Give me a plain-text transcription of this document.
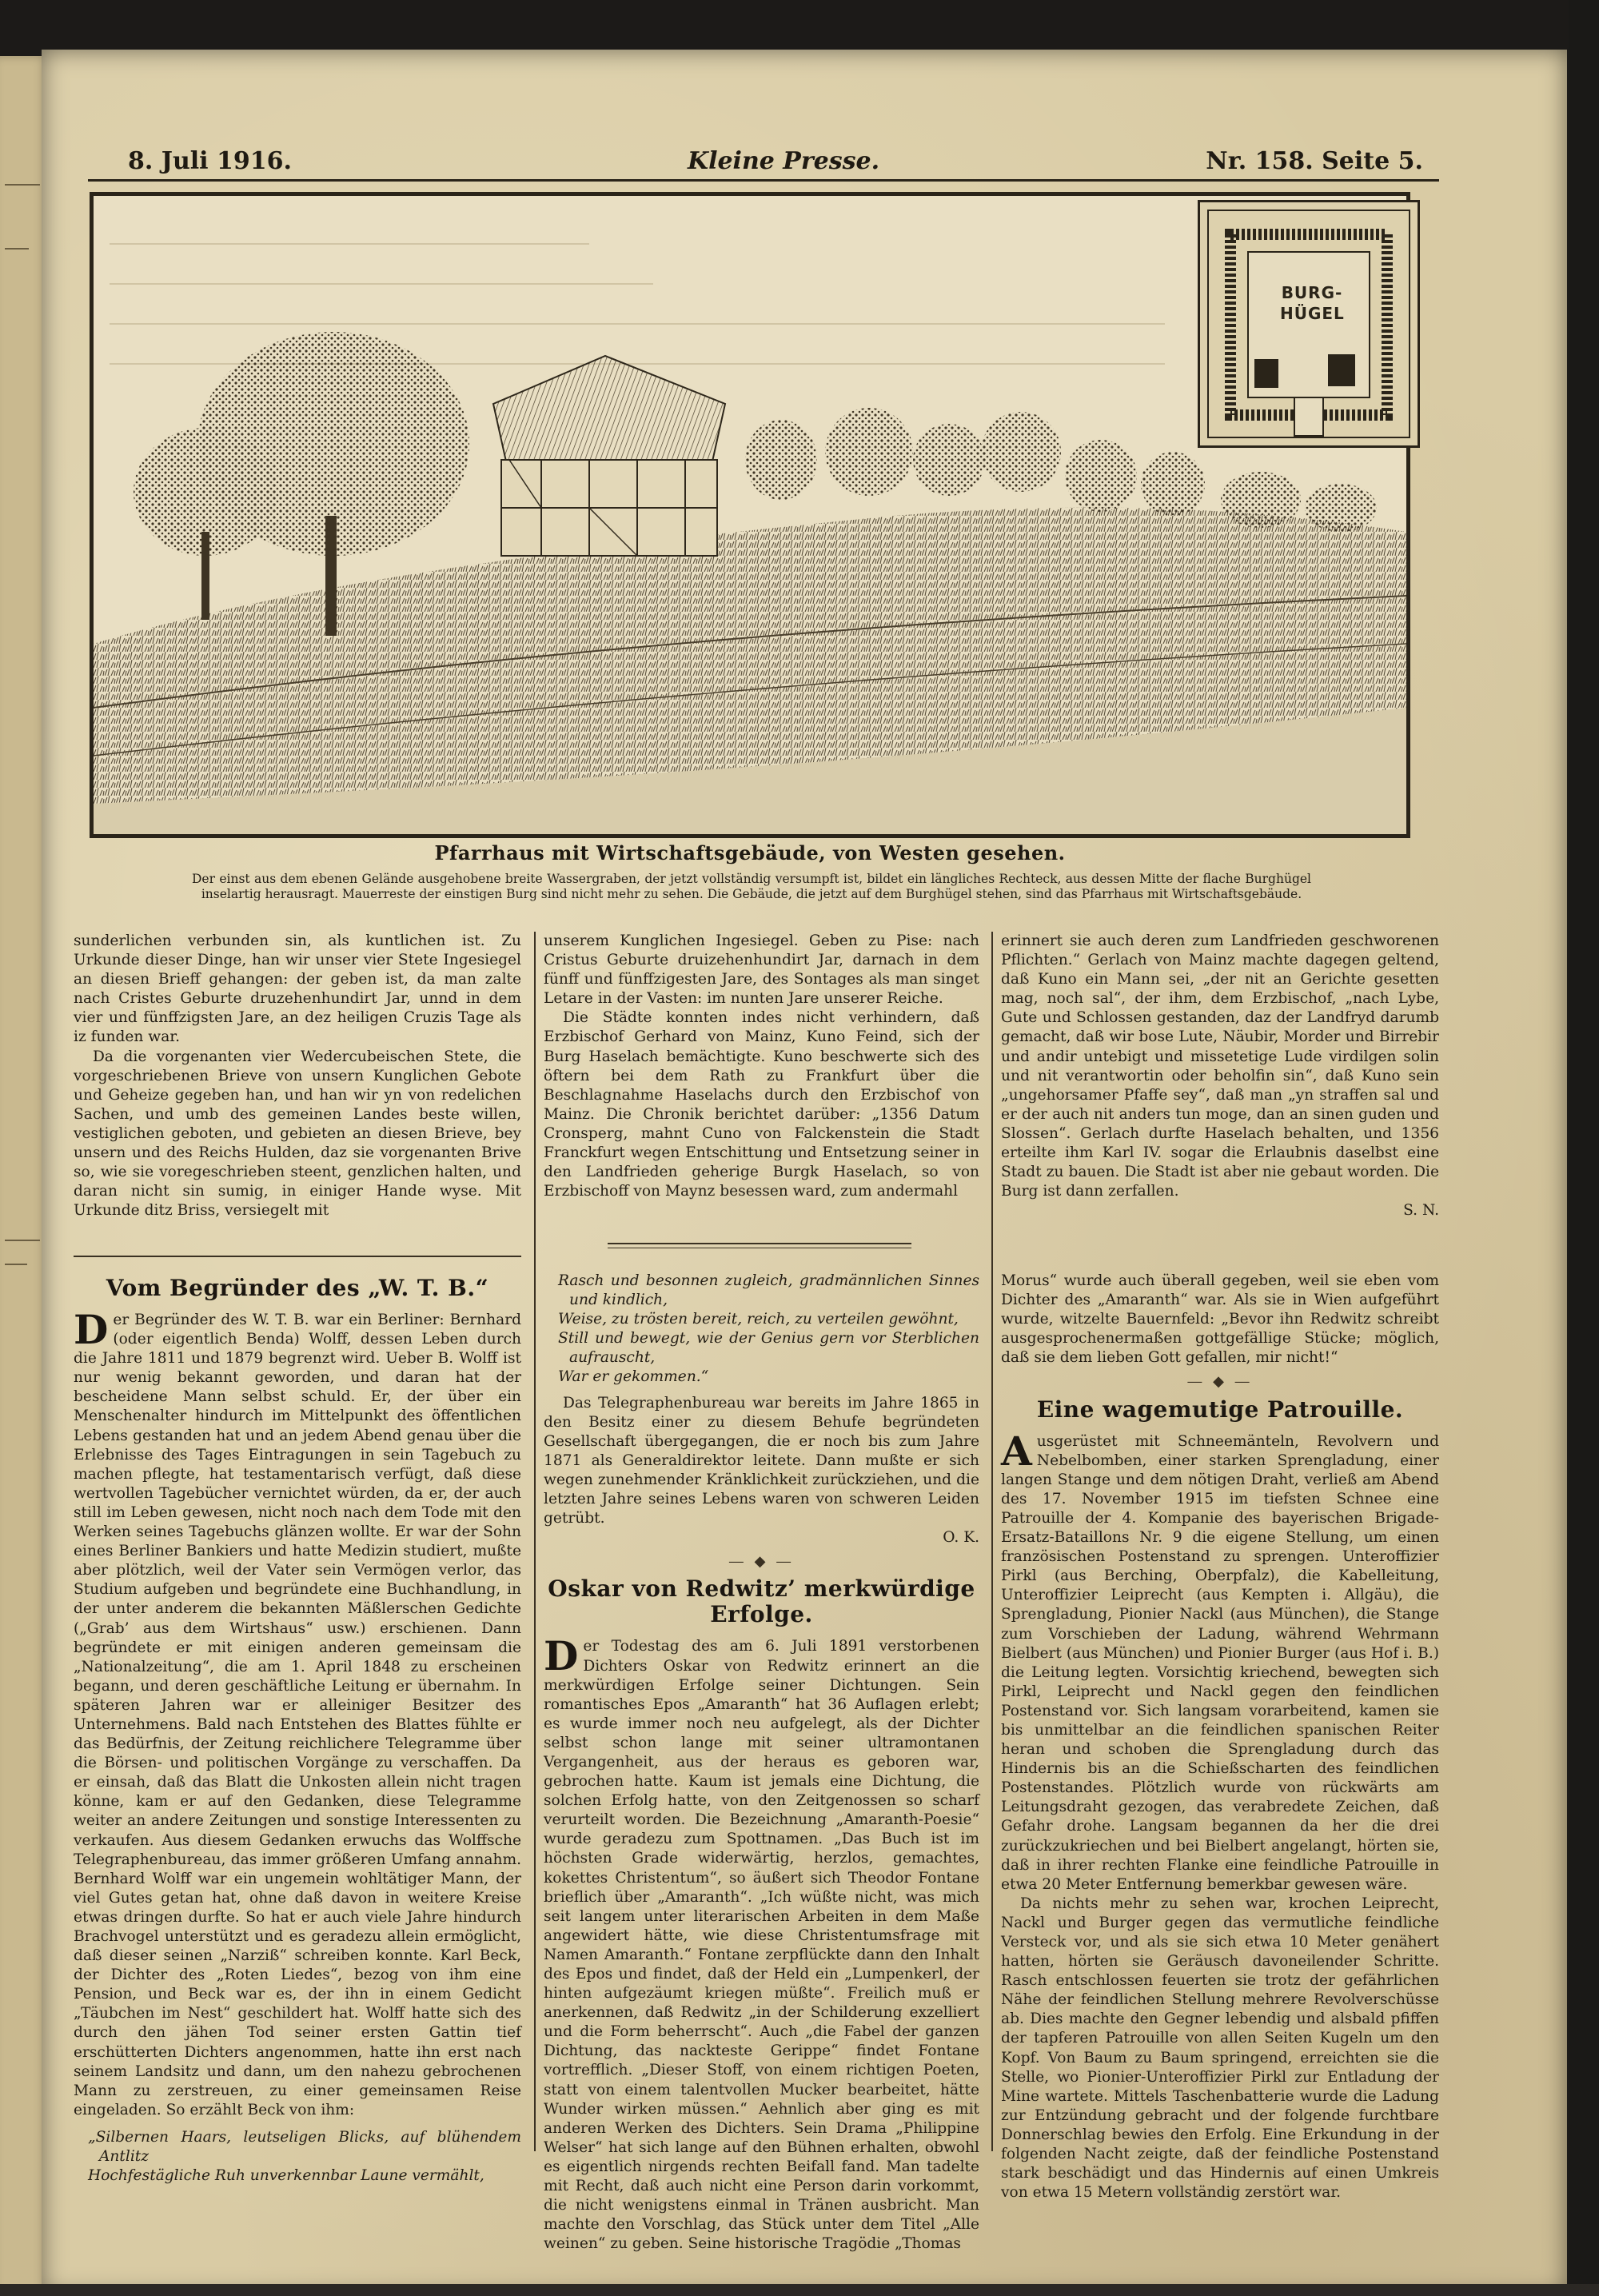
8. Juli 1916.	Kleine Presse.	Nr. 158. Seite 5.
BURG-
HÜGEL
Pfarrhaus mit Wirtschaftsgebäude, von Westen gesehen.
Der einst aus dem ebenen Gelände ausgehobene breite Wassergraben, der jetzt vollständig versumpft ist, bildet ein längliches Rechteck, aus dessen Mitte der flache Burghügel inselartig herausragt. Mauerreste der einstigen Burg sind nicht mehr zu sehen. Die Gebäude, die jetzt auf dem Burghügel stehen, sind das Pfarrhaus mit Wirtschaftsgebäude.

sunderlichen verbunden sin, als kuntlichen ist. Zu Urkunde dieser Dinge, han wir unser vier Stete Ingesiegel an diesen Brieff gehangen: der geben ist, da man zalte nach Cristes Geburte druzehenhundirt Jar, unnd in dem vier und fünffzigsten Jare, an dez heiligen Cruzis Tage als iz funden war.

Da die vorgenanten vier Wedercubeischen Stete, die vorgeschriebenen Brieve von unsern Kunglichen Gebote und Geheize gegeben han, und han wir yn von redelichen Sachen, und umb des gemeinen Landes beste willen, vestiglichen geboten, und gebieten an diesen Brieve, bey unsern und des Reichs Hulden, daz sie vorgenanten Brive so, wie sie voregeschrieben steent, genzlichen halten, und daran nicht sin sumig, in einiger Hande wyse. Mit Urkunde ditz Briss, versiegelt mit

unserem Kunglichen Ingesiegel. Geben zu Pise: nach Cristus Geburte druizehenhundirt Jar, darnach in dem fünff und fünffzigesten Jare, des Sontages als man singet Letare in der Vasten: im nunten Jare unserer Reiche.

Die Städte konnten indes nicht verhindern, daß Erzbischof Gerhard von Mainz, Kuno Feind, sich der Burg Haselach bemächtigte. Kuno beschwerte sich des öftern bei dem Rath zu Frankfurt über die Beschlagnahme Haselachs durch den Erzbischof von Mainz. Die Chronik berichtet darüber: „1356 Datum Cronsperg, mahnt Cuno von Falckenstein die Stadt Franckfurt wegen Entschittung und Entsetzung seiner in den Landfrieden geherige Burgk Haselach, so von Erzbischoff von Maynz besessen ward, zum andermahl

erinnert sie auch deren zum Landfrieden geschworenen Pflichten.“ Gerlach von Mainz machte dagegen geltend, daß Kuno ein Mann sei, „der nit an Gerichte gesetten mag, noch sal“, der ihm, dem Erzbischof, „nach Lybe, Gute und Schlossen gestanden, daz der Landfryd darumb gemacht, daß wir bose Lute, Näubir, Morder und Birrebir und andir untebigt und missetetige Lude virdilgen solin und nit verantwortin oder beholfin sin“, daß Kuno sein „ungehorsamer Pfaffe sey“, daß man „yn straffen sal und er der auch nit anders tun moge, dan an sinen guden und Slossen“. Gerlach durfte Haselach behalten, und 1356 erteilte ihm Karl IV. sogar die Erlaubnis daselbst eine Stadt zu bauen. Die Stadt ist aber nie gebaut worden. Die Burg ist dann zerfallen.

S. N.

Vom Begründer des „W. T. B.“
D er Begründer des W. T. B. war ein Berliner: Bernhard (oder eigentlich Benda) Wolff, dessen Leben durch die Jahre 1811 und 1879 begrenzt wird. Ueber B. Wolff ist nur wenig bekannt geworden, und daran hat der bescheidene Mann selbst schuld. Er, der über ein Menschenalter hindurch im Mittelpunkt des öffentlichen Lebens gestanden hat und an jedem Abend genau über die Erlebnisse des Tages Eintragungen in sein Tagebuch zu machen pflegte, hat testamentarisch verfügt, daß diese wertvollen Tagebücher vernichtet würden, da er, der auch still im Leben gewesen, nicht noch nach dem Tode mit den Werken seines Tagebuchs glänzen wollte. Er war der Sohn eines Berliner Bankiers und hatte Medizin studiert, mußte aber plötzlich, weil der Vater sein Vermögen verlor, das Studium aufgeben und begründete eine Buchhandlung, in der unter anderem die bekannten Mäßlerschen Gedichte („Grab’ aus dem Wirtshaus“ usw.) erschienen. Dann begründete er mit einigen anderen gemeinsam die „Nationalzeitung“, die am 1. April 1848 zu erscheinen begann, und deren geschäftliche Leitung er übernahm. In späteren Jahren war er alleiniger Besitzer des Unternehmens. Bald nach Entstehen des Blattes fühlte er das Bedürfnis, der Zeitung reichlichere Telegramme über die Börsen- und politischen Vorgänge zu verschaffen. Da er einsah, daß das Blatt die Unkosten allein nicht tragen könne, kam er auf den Gedanken, diese Telegramme weiter an andere Zeitungen und sonstige Interessenten zu verkaufen. Aus diesem Gedanken erwuchs das Wolffsche Telegraphenbureau, das immer größeren Umfang annahm. Bernhard Wolff war ein ungemein wohltätiger Mann, der viel Gutes getan hat, ohne daß davon in weitere Kreise etwas dringen durfte. So hat er auch viele Jahre hindurch Brachvogel unterstützt und es geradezu allein ermöglicht, daß dieser seinen „Narziß“ schreiben konnte. Karl Beck, der Dichter des „Roten Liedes“, bezog von ihm eine Pension, und Beck war es, der ihn in einem Gedicht „Täubchen im Nest“ geschildert hat. Wolff hatte sich des durch den jähen Tod seiner ersten Gattin tief erschütterten Dichters angenommen, hatte ihn erst nach seinem Landsitz und dann, um den nahezu gebrochenen Mann zu zerstreuen, zu einer gemeinsamen Reise eingeladen. So erzählt Beck von ihm:

„Silbernen Haars, leutseligen Blicks, auf blühendem Antlitz
Hochfestägliche Ruh unverkennbar Laune vermählt,
Rasch und besonnen zugleich, gradmännlichen Sinnes und kindlich,
Weise, zu trösten bereit, reich, zu verteilen gewöhnt,
Still und bewegt, wie der Genius gern vor Sterblichen aufrauscht,
War er gekommen.“

Das Telegraphenbureau war bereits im Jahre 1865 in den Besitz einer zu diesem Behufe begründeten Gesellschaft übergegangen, die er noch bis zum Jahre 1871 als Generaldirektor leitete. Dann mußte er sich wegen zunehmender Kränklichkeit zurückziehen, und die letzten Jahre seines Lebens waren von schweren Leiden getrübt.

O. K.

― ◆ ―
Oskar von Redwitz’ merkwürdige Erfolge.
D er Todestag des am 6. Juli 1891 verstorbenen Dichters Oskar von Redwitz erinnert an die merkwürdigen Erfolge seiner Dichtungen. Sein romantisches Epos „Amaranth“ hat 36 Auflagen erlebt; es wurde immer noch neu aufgelegt, als der Dichter selbst schon lange mit seiner ultramontanen Vergangenheit, aus der heraus es geboren war, gebrochen hatte. Kaum ist jemals eine Dichtung, die solchen Erfolg hatte, von den Zeitgenossen so scharf verurteilt worden. Die Bezeichnung „Amaranth-Poesie“ wurde geradezu zum Spottnamen. „Das Buch ist im höchsten Grade widerwärtig, herzlos, gemachtes, kokettes Christentum“, so äußert sich Theodor Fontane brieflich über „Amaranth“. „Ich wüßte nicht, was mich seit langem unter literarischen Arbeiten in dem Maße angewidert hätte, wie diese Christentumsfrage mit Namen Amaranth.“ Fontane zerpflückte dann den Inhalt des Epos und findet, daß der Held ein „Lumpenkerl, der hinten aufgezäumt kriegen müßte“. Freilich muß er anerkennen, daß Redwitz „in der Schilderung exzelliert und die Form beherrscht“. Auch „die Fabel der ganzen Dichtung, das nackteste Gerippe“ findet Fontane vortrefflich. „Dieser Stoff, von einem richtigen Poeten, statt von einem talentvollen Mucker bearbeitet, hätte Wunder wirken müssen.“ Aehnlich aber ging es mit anderen Werken des Dichters. Sein Drama „Philippine Welser“ hat sich lange auf den Bühnen erhalten, obwohl es eigentlich nirgends rechten Beifall fand. Man tadelte mit Recht, daß auch nicht eine Person darin vorkommt, die nicht wenigstens einmal in Tränen ausbricht. Man machte den Vorschlag, das Stück unter dem Titel „Alle weinen“ zu geben. Seine historische Tragödie „Thomas

Morus“ wurde auch überall gegeben, weil sie eben vom Dichter des „Amaranth“ war. Als sie in Wien aufgeführt wurde, witzelte Bauernfeld: „Bevor ihn Redwitz schreibt ausgesprochenermaßen gottgefällige Stücke; möglich, daß sie dem lieben Gott gefallen, mir nicht!“

― ◆ ―
Eine wagemutige Patrouille.
A usgerüstet mit Schneemänteln, Revolvern und Nebelbomben, einer starken Sprengladung, einer langen Stange und dem nötigen Draht, verließ am Abend des 17. November 1915 im tiefsten Schnee eine Patrouille der 4. Kompanie des bayerischen Brigade-Ersatz-Bataillons Nr. 9 die eigene Stellung, um einen französischen Postenstand zu sprengen. Unteroffizier Pirkl (aus Berching, Oberpfalz), die Kabelleitung, Unteroffizier Leiprecht (aus Kempten i. Allgäu), die Sprengladung, Pionier Nackl (aus München), die Stange zum Vorschieben der Ladung, während Wehrmann Bielbert (aus München) und Pionier Burger (aus Hof i. B.) die Leitung legten. Vorsichtig kriechend, bewegten sich Pirkl, Leiprecht und Nackl gegen den feindlichen Postenstand vor. Sich langsam vorarbeitend, kamen sie bis unmittelbar an die feindlichen spanischen Reiter heran und schoben die Sprengladung durch das Hindernis bis an die Schießscharten des feindlichen Postenstandes. Plötzlich wurde von rückwärts am Leitungsdraht gezogen, das verabredete Zeichen, daß Gefahr drohe. Langsam begannen da her die drei zurückzukriechen und bei Bielbert angelangt, hörten sie, daß in ihrer rechten Flanke eine feindliche Patrouille in etwa 20 Meter Entfernung bemerkbar gewesen wäre.

Da nichts mehr zu sehen war, krochen Leiprecht, Nackl und Burger gegen das vermutliche feindliche Versteck vor, und als sie sich etwa 10 Meter genähert hatten, hörten sie Geräusch davoneilender Schritte. Rasch entschlossen feuerten sie trotz der gefährlichen Nähe der feindlichen Stellung mehrere Revolverschüsse ab. Dies machte den Gegner lebendig und alsbald pfiffen der tapferen Patrouille von allen Seiten Kugeln um den Kopf. Von Baum zu Baum springend, erreichten sie die Stelle, wo Pionier-Unteroffizier Pirkl zur Entladung der Mine wartete. Mittels Taschenbatterie wurde die Ladung zur Entzündung gebracht und der folgende furchtbare Donnerschlag bewies den Erfolg. Eine Erkundung in der folgenden Nacht zeigte, daß der feindliche Postenstand stark beschädigt und das Hindernis auf einen Umkreis von etwa 15 Metern vollständig zerstört war.
